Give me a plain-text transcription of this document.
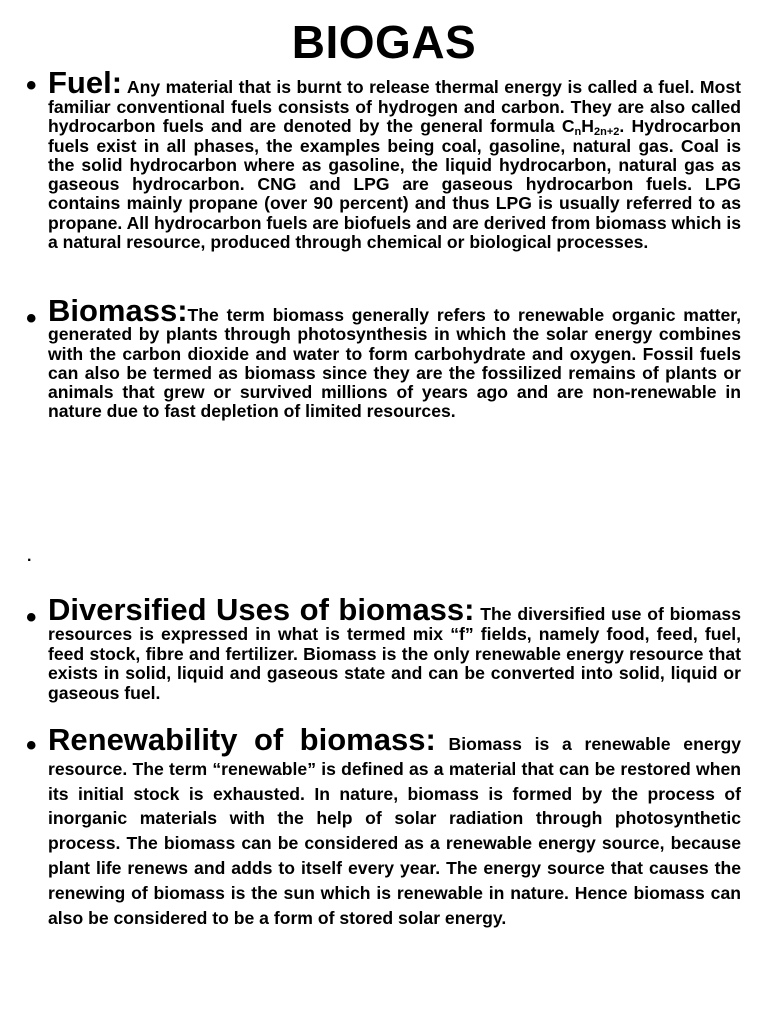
BIOGAS
• Fuel: Any material that is burnt to release thermal energy is called a fuel. Most familiar conventional fuels consists of hydrogen and carbon. They are also called hydrocarbon fuels and are denoted by the general formula $C_nH_{2n+2}$. Hydrocarbon fuels exist in all phases, the examples being coal, gasoline, natural gas. Coal is the solid hydrocarbon where as gasoline, the liquid hydrocarbon, natural gas as gaseous hydrocarbon. CNG and LPG are gaseous hydrocarbon fuels. LPG contains mainly propane (over 90 percent) and thus LPG is usually referred to as propane. All hydrocarbon fuels are biofuels and are derived from biomass which is a natural resource, produced through chemical or biological processes.
• Biomass:The term biomass generally refers to renewable organic matter, generated by plants through photosynthesis in which the solar energy combines with the carbon dioxide and water to form carbohydrate and oxygen. Fossil fuels can also be termed as biomass since they are the fossilized remains of plants or animals that grew or survived millions of years ago and are non-renewable in nature due to fast depletion of limited resources.
.
• Diversified Uses of biomass: The diversified use of biomass resources is expressed in what is termed mix “f” fields, namely food, feed, fuel, feed stock, fibre and fertilizer. Biomass is the only renewable energy resource that exists in solid, liquid and gaseous state and can be converted into solid, liquid or gaseous fuel.
• Renewability of biomass: Biomass is a renewable energy resource. The term “renewable” is defined as a material that can be restored when its initial stock is exhausted. In nature, biomass is formed by the process of inorganic materials with the help of solar radiation through photosynthetic process. The biomass can be considered as a renewable energy source, because plant life renews and adds to itself every year. The energy source that causes the renewing of biomass is the sun which is renewable in nature. Hence biomass can also be considered to be a form of stored solar energy.
